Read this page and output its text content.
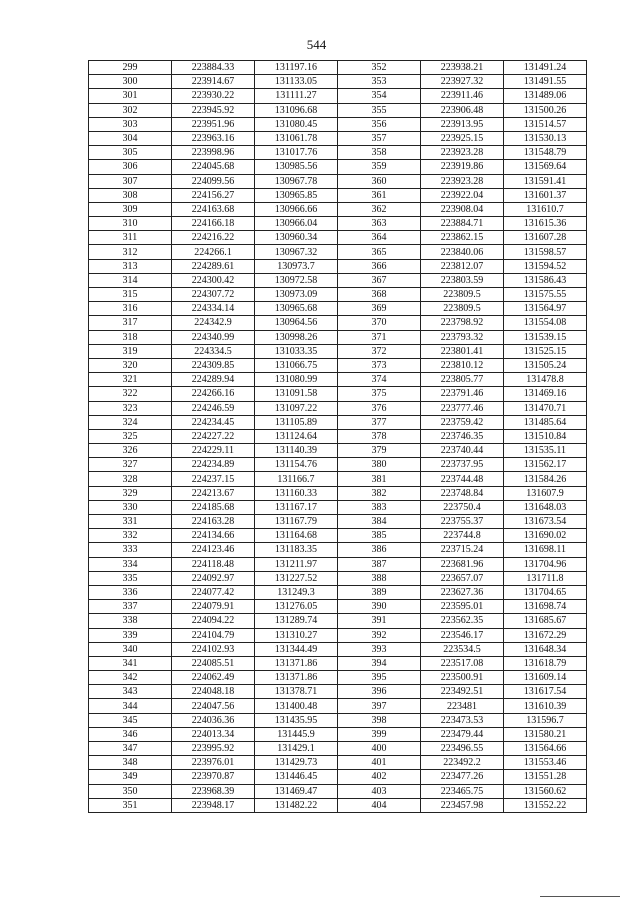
544
299	223884.33	131197.16	352	223938.21	131491.24
300	223914.67	131133.05	353	223927.32	131491.55
301	223930.22	131111.27	354	223911.46	131489.06
302	223945.92	131096.68	355	223906.48	131500.26
303	223951.96	131080.45	356	223913.95	131514.57
304	223963.16	131061.78	357	223925.15	131530.13
305	223998.96	131017.76	358	223923.28	131548.79
306	224045.68	130985.56	359	223919.86	131569.64
307	224099.56	130967.78	360	223923.28	131591.41
308	224156.27	130965.85	361	223922.04	131601.37
309	224163.68	130966.66	362	223908.04	131610.7
310	224166.18	130966.04	363	223884.71	131615.36
311	224216.22	130960.34	364	223862.15	131607.28
312	224266.1	130967.32	365	223840.06	131598.57
313	224289.61	130973.7	366	223812.07	131594.52
314	224300.42	130972.58	367	223803.59	131586.43
315	224307.72	130973.09	368	223809.5	131575.55
316	224334.14	130965.68	369	223809.5	131564.97
317	224342.9	130964.56	370	223798.92	131554.08
318	224340.99	130998.26	371	223793.32	131539.15
319	224334.5	131033.35	372	223801.41	131525.15
320	224309.85	131066.75	373	223810.12	131505.24
321	224289.94	131080.99	374	223805.77	131478.8
322	224266.16	131091.58	375	223791.46	131469.16
323	224246.59	131097.22	376	223777.46	131470.71
324	224234.45	131105.89	377	223759.42	131485.64
325	224227.22	131124.64	378	223746.35	131510.84
326	224229.11	131140.39	379	223740.44	131535.11
327	224234.89	131154.76	380	223737.95	131562.17
328	224237.15	131166.7	381	223744.48	131584.26
329	224213.67	131160.33	382	223748.84	131607.9
330	224185.68	131167.17	383	223750.4	131648.03
331	224163.28	131167.79	384	223755.37	131673.54
332	224134.66	131164.68	385	223744.8	131690.02
333	224123.46	131183.35	386	223715.24	131698.11
334	224118.48	131211.97	387	223681.96	131704.96
335	224092.97	131227.52	388	223657.07	131711.8
336	224077.42	131249.3	389	223627.36	131704.65
337	224079.91	131276.05	390	223595.01	131698.74
338	224094.22	131289.74	391	223562.35	131685.67
339	224104.79	131310.27	392	223546.17	131672.29
340	224102.93	131344.49	393	223534.5	131648.34
341	224085.51	131371.86	394	223517.08	131618.79
342	224062.49	131371.86	395	223500.91	131609.14
343	224048.18	131378.71	396	223492.51	131617.54
344	224047.56	131400.48	397	223481	131610.39
345	224036.36	131435.95	398	223473.53	131596.7
346	224013.34	131445.9	399	223479.44	131580.21
347	223995.92	131429.1	400	223496.55	131564.66
348	223976.01	131429.73	401	223492.2	131553.46
349	223970.87	131446.45	402	223477.26	131551.28
350	223968.39	131469.47	403	223465.75	131560.62
351	223948.17	131482.22	404	223457.98	131552.22
